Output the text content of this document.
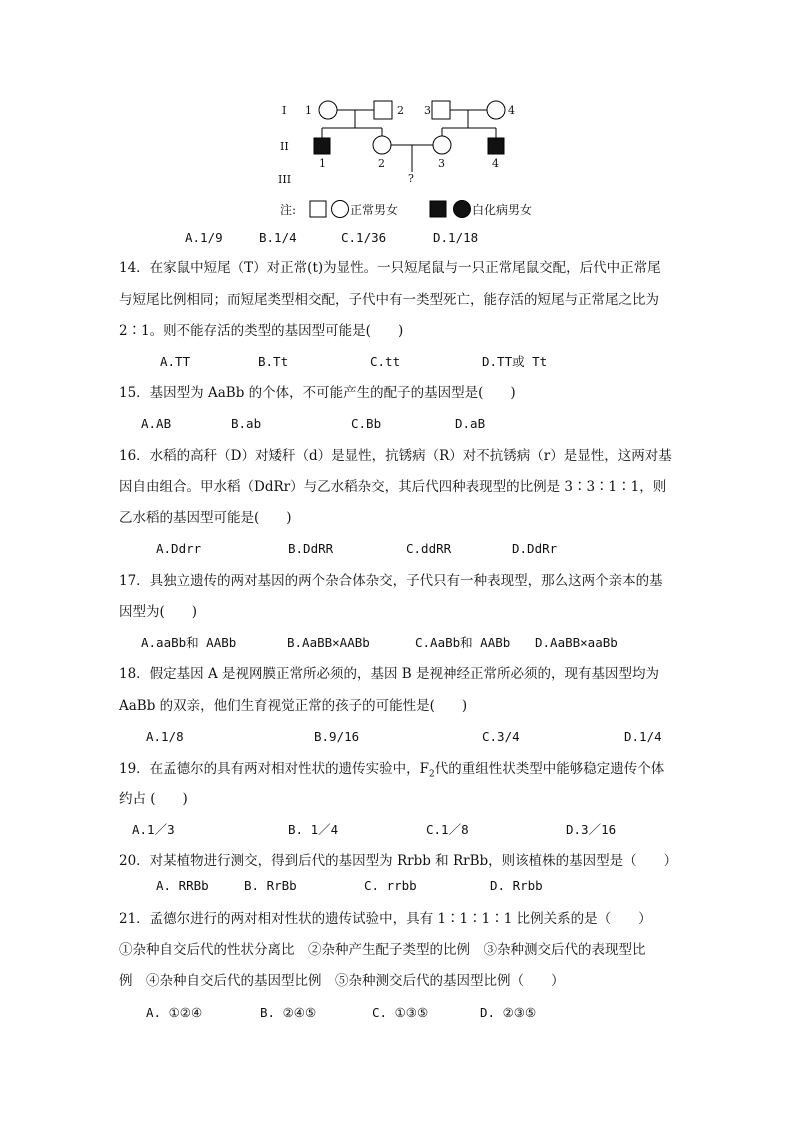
I
II
III
1	2 3	4
1	2	3	4
?
注:	正常男女	白化病男女
A.1/9	B.1/4	C.1/36	D.1/18
14．在家鼠中短尾（T）对正常(t)为显性。一只短尾鼠与一只正常尾鼠交配，后代中正常尾
与短尾比例相同；而短尾类型相交配，子代中有一类型死亡，能存活的短尾与正常尾之比为
2∶1。则不能存活的类型的基因型可能是(　　)
A.TT	B.Tt	C.tt	D.TT或 Tt
15．基因型为 AaBb 的个体，不可能产生的配子的基因型是(　　)
A.AB	B.ab	C.Bb	D.aB
16．水稻的高秆（D）对矮秆（d）是显性，抗锈病（R）对不抗锈病（r）是显性，这两对基
因自由组合。甲水稻（DdRr）与乙水稻杂交，其后代四种表现型的比例是 3∶3∶1∶1，则
乙水稻的基因型可能是(　　)
A.Ddrr	B.DdRR	C.ddRR	D.DdRr
17．具独立遗传的两对基因的两个杂合体杂交，子代只有一种表现型，那么这两个亲本的基
因型为(　　)
A.aaBb和 AABb	B.AaBB×AABb	C.AaBb和 AABb D.AaBB×aaBb
18．假定基因 A 是视网膜正常所必须的，基因 B 是视神经正常所必须的，现有基因型均为
AaBb 的双亲，他们生育视觉正常的孩子的可能性是(　　)
A.1/8	B.9/16	C.3/4	D.1/4
19．在孟德尔的具有两对相对性状的遗传实验中，$F_2$代的重组性状类型中能够稳定遗传个体
约占 (　　)
A.1／3	B. 1／4	C.1／8	D.3／16
20．对某植物进行测交，得到后代的基因型为 Rrbb 和 RrBb，则该植株的基因型是（　　）
A. RRBb	B. RrBb	C. rrbb	D. Rrbb
21．孟德尔进行的两对相对性状的遗传试验中，具有 1∶1∶1∶1 比例关系的是（　　）
①杂种自交后代的性状分离比　②杂种产生配子类型的比例　③杂种测交后代的表现型比
例　④杂种自交后代的基因型比例　⑤杂种测交后代的基因型比例（　　）
A. ①②④	B. ②④⑤	C. ①③⑤	D. ②③⑤
